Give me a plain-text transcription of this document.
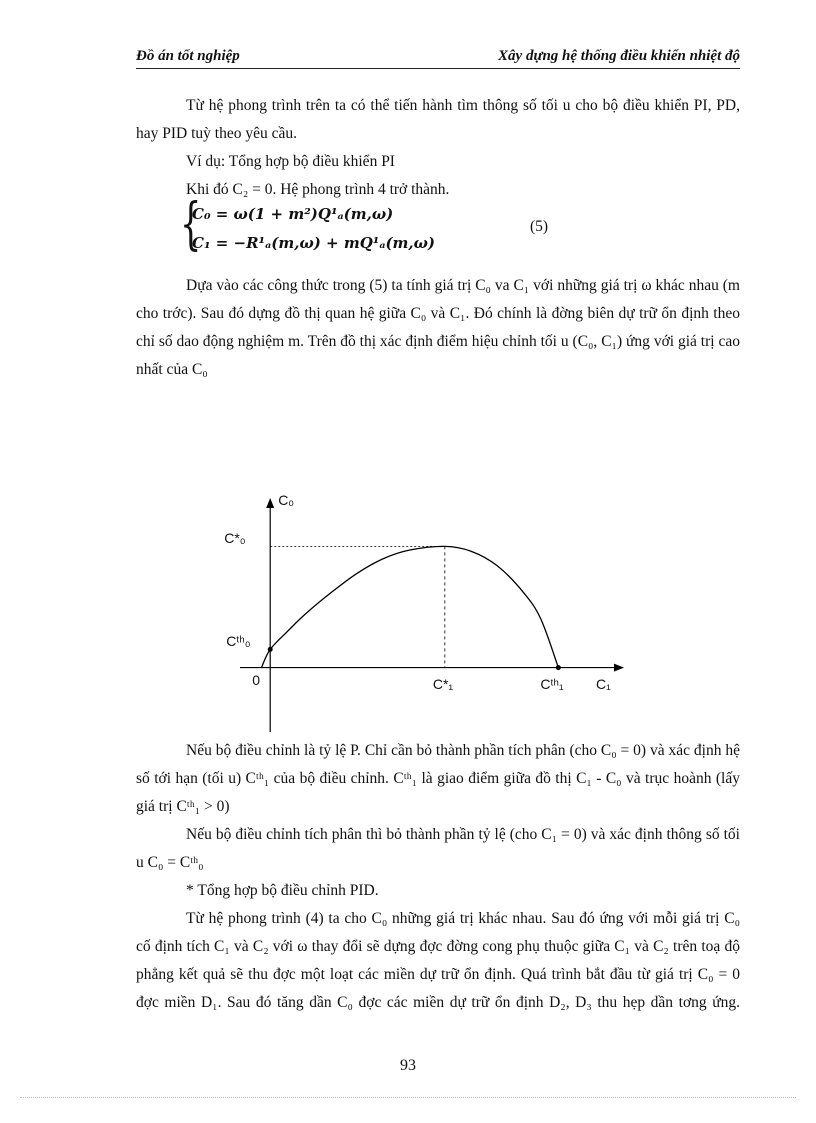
Đồ án tốt nghiệp	Xây dựng hệ thống điều khiển nhiệt độ

Từ hệ phong trình trên ta có thể tiến hành tìm thông số tối u cho bộ điều khiển PI, PD, hay PID tuỳ theo yêu cầu.

Ví dụ: Tổng hợp bộ điều khiển PI

Khi đó C₂ = 0. Hệ phong trình 4 trở thành.

{
C₀ = ω(1 + m²)Q¹ₐ(m,ω)
C₁ = −R¹ₐ(m,ω) + mQ¹ₐ(m,ω)
(5)

Dựa vào các công thức trong (5) ta tính giá trị C₀ va C₁ với những giá trị ω khác nhau (m cho trớc). Sau đó dựng đồ thị quan hệ giữa C₀ và C₁. Đó chính là đờng biên dự trữ ổn định theo chỉ số dao động nghiệm m. Trên đồ thị xác định điểm hiệu chỉnh tối u (C₀, C₁) ứng với giá trị cao nhất của C₀

C₀
C₁
0
C*₀
Cᵗʰ₀
C*₁	Cᵗʰ₁

Nếu bộ điều chỉnh là tỷ lệ P. Chỉ cần bỏ thành phần tích phân (cho C₀ = 0) và xác định hệ số tới hạn (tối u) Cᵗʰ₁ của bộ điều chỉnh. Cᵗʰ₁ là giao điểm giữa đồ thị C₁ - C₀ và trục hoành (lấy giá trị Cᵗʰ₁ > 0)

Nếu bộ điều chỉnh tích phân thì bỏ thành phần tỷ lệ (cho C₁ = 0) và xác định thông số tối u C₀ = Cᵗʰ₀

* Tổng hợp bộ điều chỉnh PID.

Từ hệ phong trình (4) ta cho C₀ những giá trị khác nhau. Sau đó ứng với mỗi giá trị C₀ cố định tích C₁ và C₂ với ω thay đổi sẽ dựng đợc đờng cong phụ thuộc giữa C₁ và C₂ trên toạ độ phẳng kết quả sẽ thu đợc một loạt các miền dự trữ ổn định. Quá trình bắt đầu từ giá trị C₀ = 0 đợc miền D₁. Sau đó tăng dần C₀ đợc các miền dự trữ ổn định D₂, D₃ thu hẹp dần tơng ứng.

93
